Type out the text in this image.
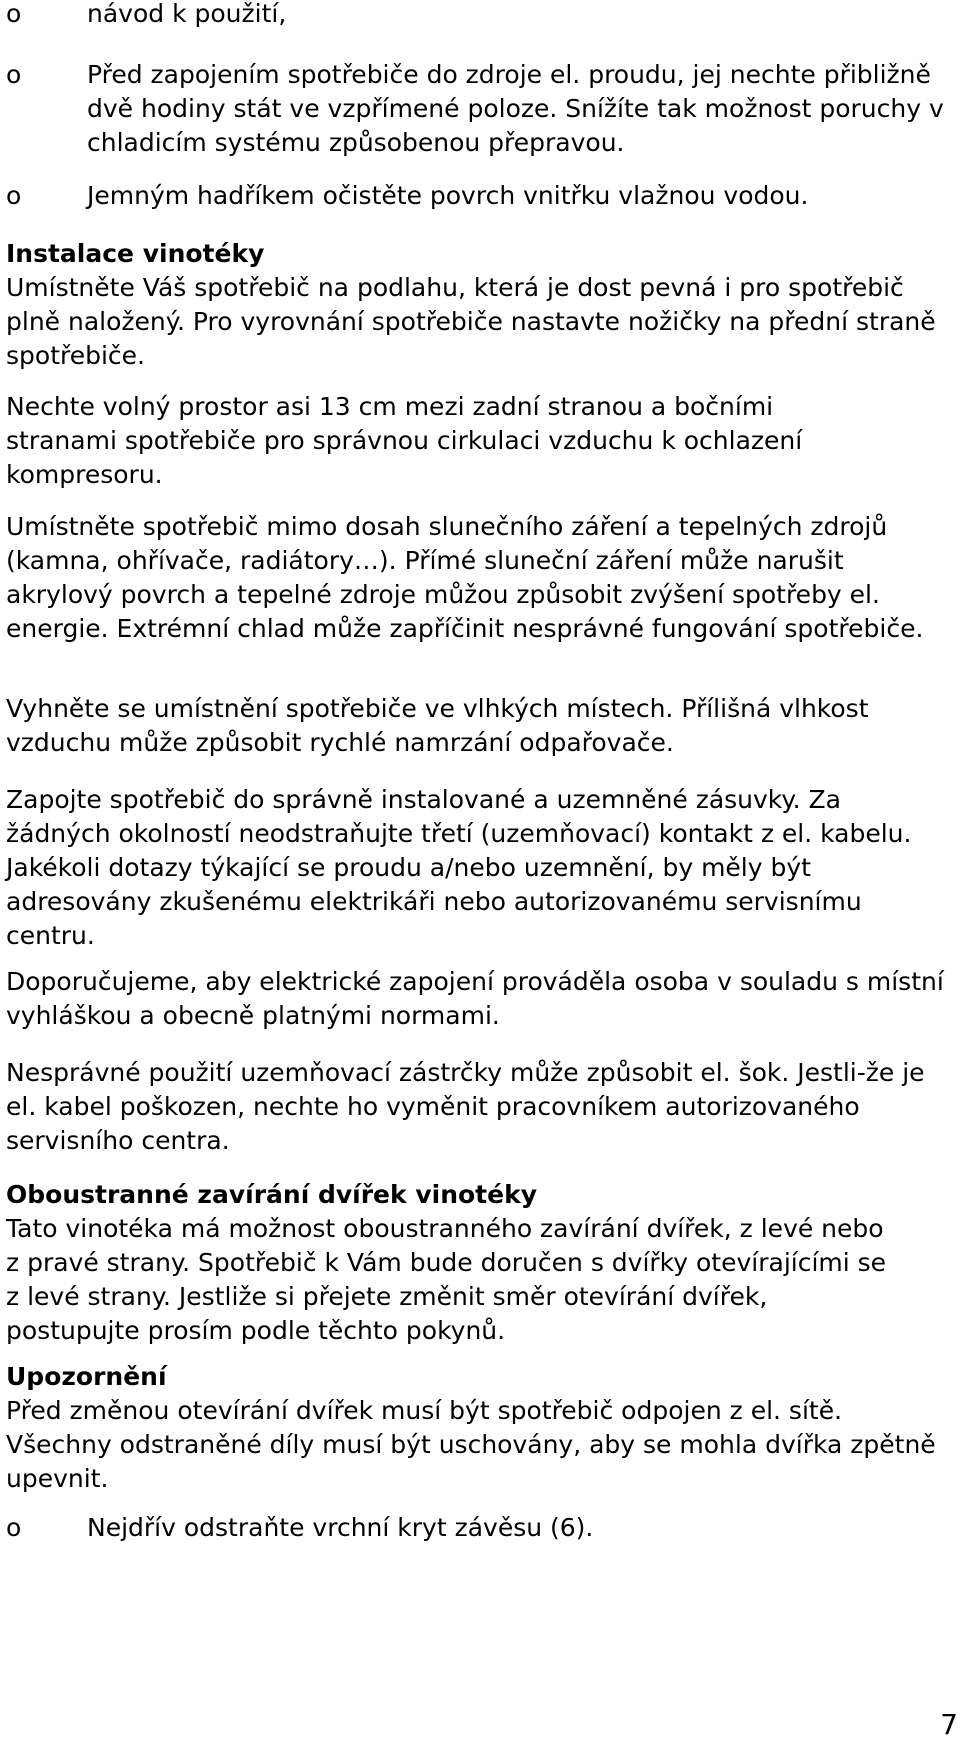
o	návod k použití,

o	Před zapojením spotřebiče do zdroje el. proudu, jej nechte přibližně dvě hodiny stát ve vzpřímené poloze. Snížíte tak možnost poruchy v chladicím systému způsobenou přepravou.

o	Jemným hadříkem očistěte povrch vnitřku vlažnou vodou.

Instalace vinotéky

Umístněte Váš spotřebič na podlahu, která je dost pevná i pro spotřebič plně naložený. Pro vyrovnání spotřebiče nastavte nožičky na přední straně spotřebiče.

Nechte volný prostor asi 13 cm mezi zadní stranou a bočními stranami spotřebiče pro správnou cirkulaci vzduchu k ochlazení kompresoru.

Umístněte spotřebič mimo dosah slunečního záření a tepelných zdrojů (kamna, ohřívače, radiátory…). Přímé sluneční záření může narušit akrylový povrch a tepelné zdroje můžou způsobit zvýšení spotřeby el. energie. Extrémní chlad může zapříčinit nesprávné fungování spotřebiče.

Vyhněte se umístnění spotřebiče ve vlhkých místech. Přílišná vlhkost vzduchu může způsobit rychlé namrzání odpařovače.

Zapojte spotřebič do správně instalované a uzemněné zásuvky. Za žádných okolností neodstraňujte třetí (uzemňovací) kontakt z el. kabelu. Jakékoli dotazy týkající se proudu a/nebo uzemnění, by měly být adresovány zkušenému elektrikáři nebo autorizovanému servisnímu centru.

Doporučujeme, aby elektrické zapojení prováděla osoba v souladu s místní vyhláškou a obecně platnými normami.

Nesprávné použití uzemňovací zástrčky může způsobit el. šok. Jestli-že je el. kabel poškozen, nechte ho vyměnit pracovníkem autorizovaného servisního centra.

Oboustranné zavírání dvířek vinotéky

Tato vinotéka má možnost oboustranného zavírání dvířek, z levé nebo z pravé strany. Spotřebič k Vám bude doručen s dvířky otevírajícími se z levé strany. Jestliže si přejete změnit směr otevírání dvířek, postupujte prosím podle těchto pokynů.

Upozornění

Před změnou otevírání dvířek musí být spotřebič odpojen z el. sítě. Všechny odstraněné díly musí být uschovány, aby se mohla dvířka zpětně upevnit.

o	Nejdřív odstraňte vrchní kryt závěsu (6).

7
